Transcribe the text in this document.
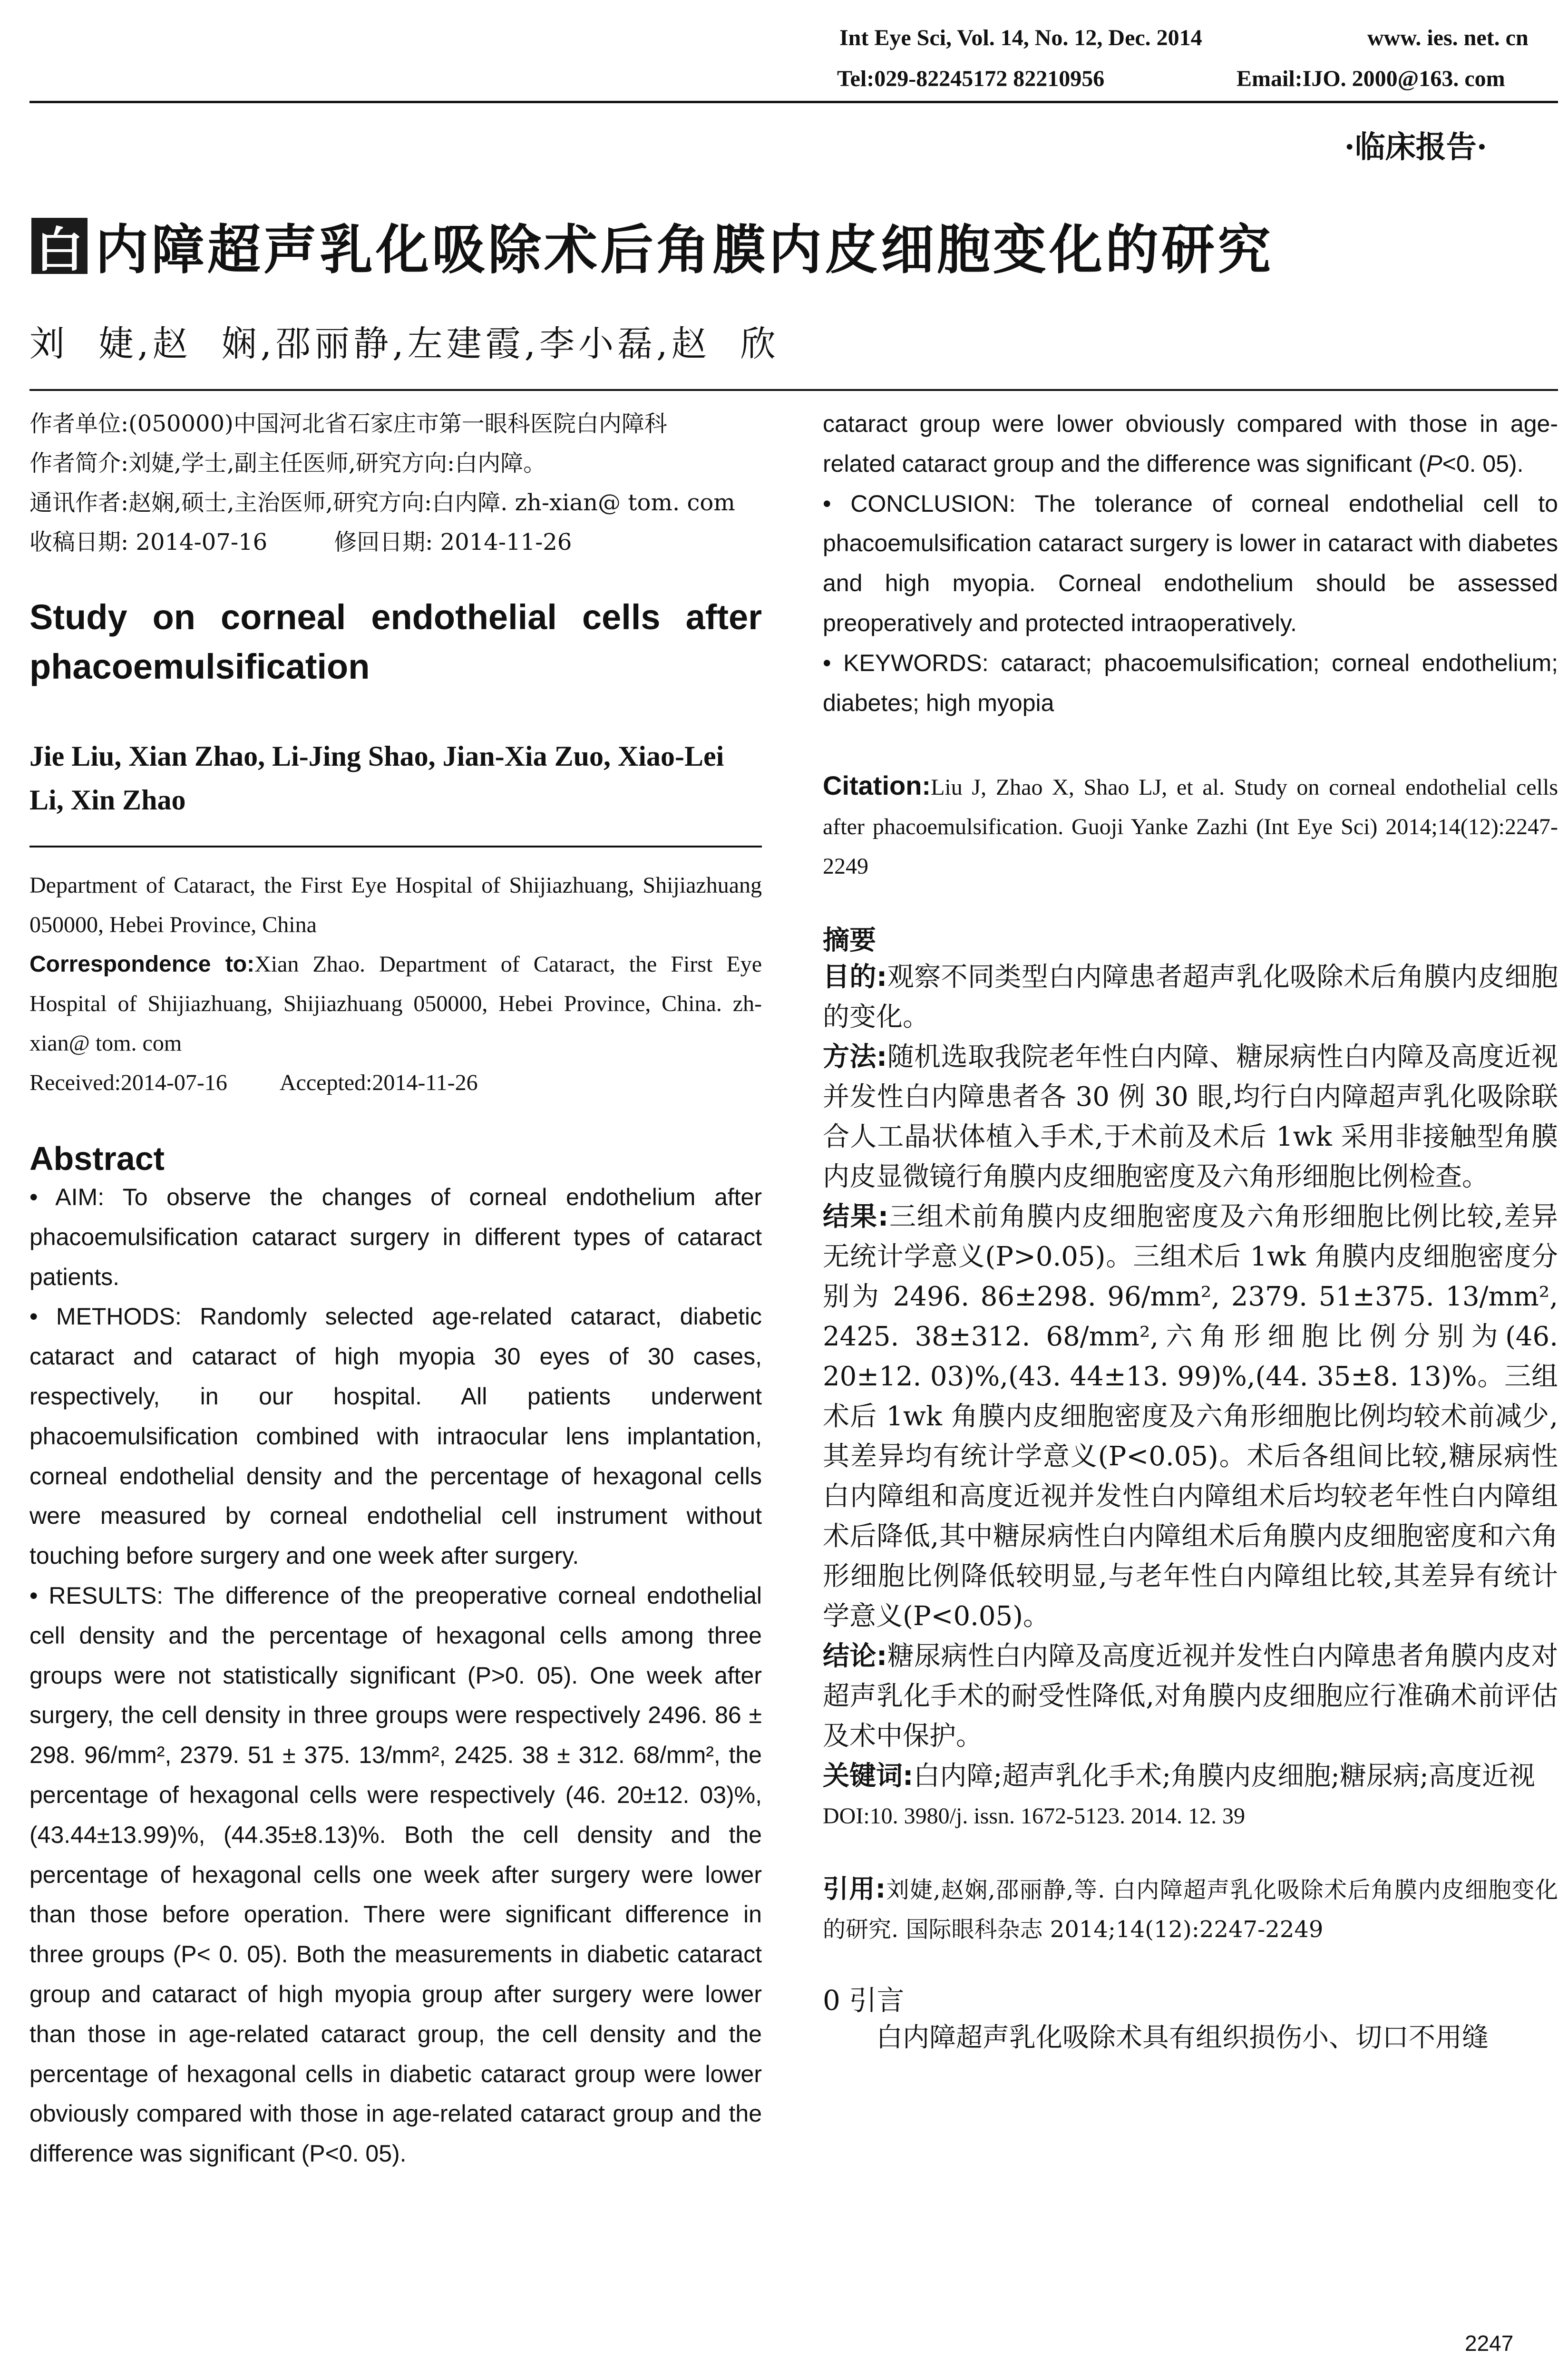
Int Eye Sci, Vol. 14, No. 12, Dec. 2014	www. ies. net. cn
Tel:029-82245172 82210956	Email:IJO. 2000@163. com
·临床报告·
白 内障超声乳化吸除术后角膜内皮细胞变化的研究
刘  婕,赵  娴,邵丽静,左建霞,李小磊,赵  欣

作者单位:(050000)中国河北省石家庄市第一眼科医院白内障科

作者简介:刘婕,学士,副主任医师,研究方向:白内障。

通讯作者:赵娴,硕士,主治医师,研究方向:白内障. zh-xian@ tom. com

收稿日期: 2014-07-16	修回日期: 2014-11-26

Study on corneal endothelial cells after phacoemulsification

Jie Liu, Xian Zhao, Li-Jing Shao, Jian-Xia Zuo, Xiao-Lei Li, Xin Zhao

Department of Cataract, the First Eye Hospital of Shijiazhuang, Shijiazhuang 050000, Hebei Province, China

Correspondence to:Xian Zhao. Department of Cataract, the First Eye Hospital of Shijiazhuang, Shijiazhuang 050000, Hebei Province, China. zh-xian@ tom. com

Received:2014-07-16 Accepted:2014-11-26

Abstract

• AIM: To observe the changes of corneal endothelium after phacoemulsification cataract surgery in different types of cataract patients.

• METHODS: Randomly selected age-related cataract, diabetic cataract and cataract of high myopia 30 eyes of 30 cases, respectively, in our hospital. All patients underwent phacoemulsification combined with intraocular lens implantation, corneal endothelial density and the percentage of hexagonal cells were measured by corneal endothelial cell instrument without touching before surgery and one week after surgery.

• RESULTS: The difference of the preoperative corneal endothelial cell density and the percentage of hexagonal cells among three groups were not statistically significant (P>0. 05). One week after surgery, the cell density in three groups were respectively 2496. 86 ± 298. 96/mm², 2379. 51 ± 375. 13/mm², 2425. 38 ± 312. 68/mm², the percentage of hexagonal cells were respectively (46. 20±12. 03)%, (43.44±13.99)%, (44.35±8.13)%. Both the cell density and the percentage of hexagonal cells one week after surgery were lower than those before operation. There were significant difference in three groups (P< 0. 05). Both the measurements in diabetic cataract group and cataract of high myopia group after surgery were lower than those in age-related cataract group, the cell density and the percentage of hexagonal cells in diabetic cataract group were lower obviously compared with those in age-related cataract group and the difference was significant (P<0. 05).

cataract group were lower obviously compared with those in age-related cataract group and the difference was significant (P<0. 05).

• CONCLUSION: The tolerance of corneal endothelial cell to phacoemulsification cataract surgery is lower in cataract with diabetes and high myopia. Corneal endothelium should be assessed preoperatively and protected intraoperatively.

• KEYWORDS: cataract; phacoemulsification; corneal endothelium; diabetes; high myopia

Citation:Liu J, Zhao X, Shao LJ, et al. Study on corneal endothelial cells after phacoemulsification. Guoji Yanke Zazhi (Int Eye Sci) 2014;14(12):2247-2249

摘要

目的:观察不同类型白内障患者超声乳化吸除术后角膜内皮细胞的变化。

方法:随机选取我院老年性白内障、糖尿病性白内障及高度近视并发性白内障患者各 30 例 30 眼,均行白内障超声乳化吸除联合人工晶状体植入手术,于术前及术后 1wk 采用非接触型角膜内皮显微镜行角膜内皮细胞密度及六角形细胞比例检查。

结果:三组术前角膜内皮细胞密度及六角形细胞比例比较,差异无统计学意义(P>0.05)。三组术后 1wk 角膜内皮细胞密度分别为 2496. 86±298. 96/mm², 2379. 51±375. 13/mm², 2425. 38±312. 68/mm²,六角形细胞比例分别为(46. 20±12. 03)%,(43. 44±13. 99)%,(44. 35±8. 13)%。三组术后 1wk 角膜内皮细胞密度及六角形细胞比例均较术前减少,其差异均有统计学意义(P<0.05)。术后各组间比较,糖尿病性白内障组和高度近视并发性白内障组术后均较老年性白内障组术后降低,其中糖尿病性白内障组术后角膜内皮细胞密度和六角形细胞比例降低较明显,与老年性白内障组比较,其差异有统计学意义(P<0.05)。

结论:糖尿病性白内障及高度近视并发性白内障患者角膜内皮对超声乳化手术的耐受性降低,对角膜内皮细胞应行准确术前评估及术中保护。

关键词:白内障;超声乳化手术;角膜内皮细胞;糖尿病;高度近视

DOI:10. 3980/j. issn. 1672-5123. 2014. 12. 39

引用:刘婕,赵娴,邵丽静,等. 白内障超声乳化吸除术后角膜内皮细胞变化的研究. 国际眼科杂志 2014;14(12):2247-2249

0 引言

白内障超声乳化吸除术具有组织损伤小、切口不用缝

2247
